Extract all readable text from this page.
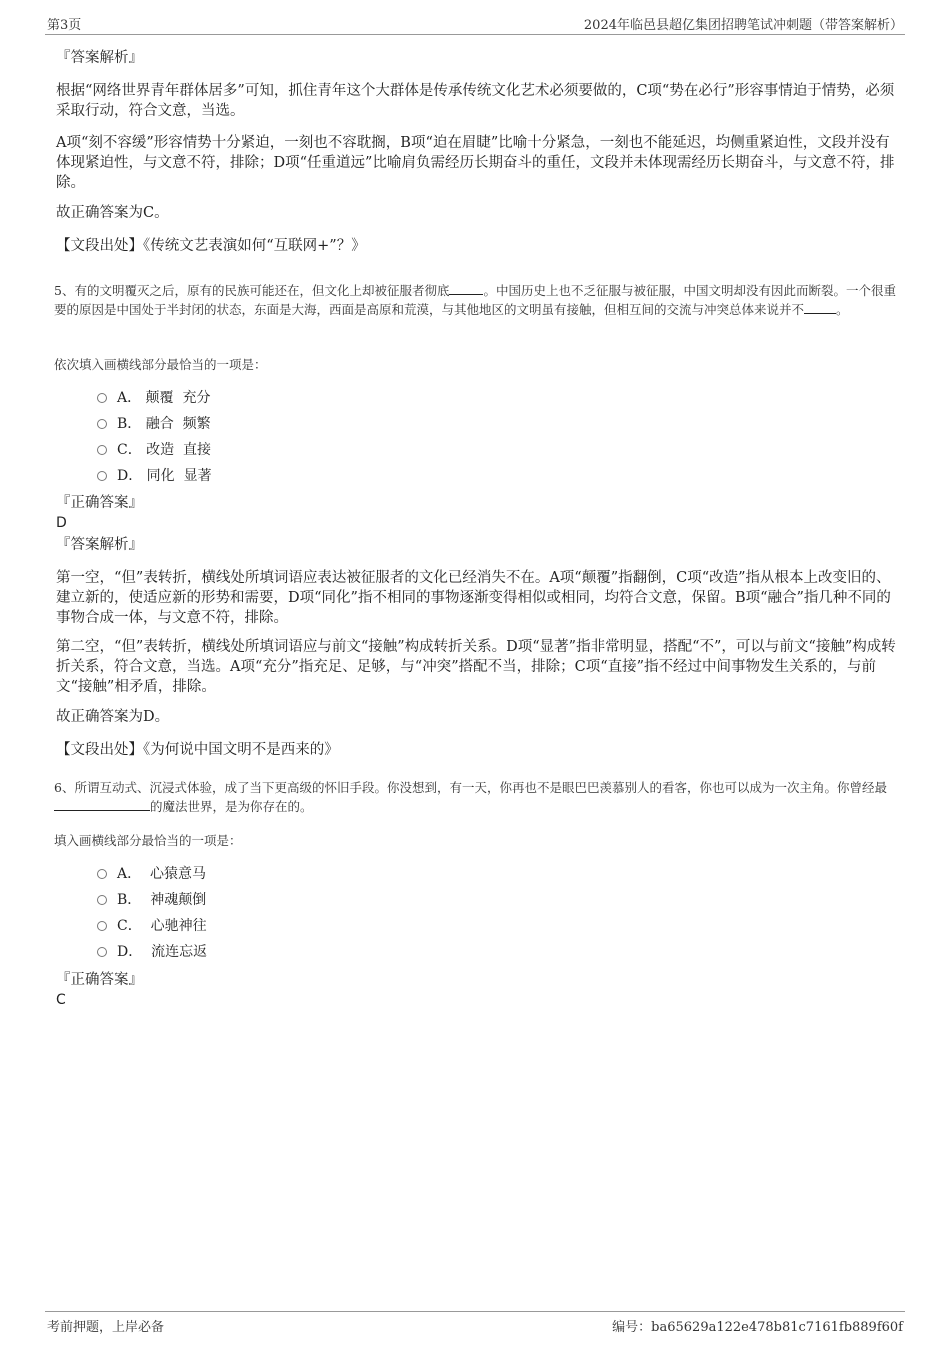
第3页	2024年临邑县超亿集团招聘笔试冲刺题（带答案解析）
『答案解析』
根据“网络世界青年群体居多”可知，抓住青年这个大群体是传承传统文化艺术必须要做的，C项“势在必行”形容事情迫于情势，必须采取行动，符合文意，当选。
A项“刻不容缓”形容情势十分紧迫，一刻也不容耽搁，B项“迫在眉睫”比喻十分紧急，一刻也不能延迟，均侧重紧迫性，文段并没有体现紧迫性，与文意不符，排除；D项“任重道远”比喻肩负需经历长期奋斗的重任，文段并未体现需经历长期奋斗，与文意不符，排除。
故正确答案为C。
【文段出处】《传统文艺表演如何“互联网+”？》
5、有的文明覆灭之后，原有的民族可能还在，但文化上却被征服者彻底	。中国历史上也不乏征服与被征服，中国文明却没有因此而断裂。一个很重要的原因是中国处于半封闭的状态，东面是大海，西面是高原和荒漠，与其他地区的文明虽有接触，但相互间的交流与冲突总体来说并不	。
依次填入画横线部分最恰当的一项是：
A． 颠覆  充分
B． 融合  频繁
C． 改造  直接
D． 同化  显著
『正确答案』
D
『答案解析』
第一空，“但”表转折，横线处所填词语应表达被征服者的文化已经消失不在。A项“颠覆”指翻倒，C项“改造”指从根本上改变旧的、建立新的，使适应新的形势和需要，D项“同化”指不相同的事物逐渐变得相似或相同，均符合文意，保留。B项“融合”指几种不同的事物合成一体，与文意不符，排除。
第二空，“但”表转折，横线处所填词语应与前文“接触”构成转折关系。D项“显著”指非常明显，搭配“不”，可以与前文“接触”构成转折关系，符合文意，当选。A项“充分”指充足、足够，与“冲突”搭配不当，排除；C项“直接”指不经过中间事物发生关系的，与前文“接触”相矛盾，排除。
故正确答案为D。
【文段出处】《为何说中国文明不是西来的》
6、所谓互动式、沉浸式体验，成了当下更高级的怀旧手段。你没想到，有一天，你再也不是眼巴巴羡慕别人的看客，你也可以成为一次主角。你曾经最的魔法世界，是为你存在的。
填入画横线部分最恰当的一项是：
A．  心猿意马
B．  神魂颠倒
C．  心驰神往
D．  流连忘返
『正确答案』
C
考前押题，上岸必备	编号：ba65629a122e478b81c7161fb889f60f
